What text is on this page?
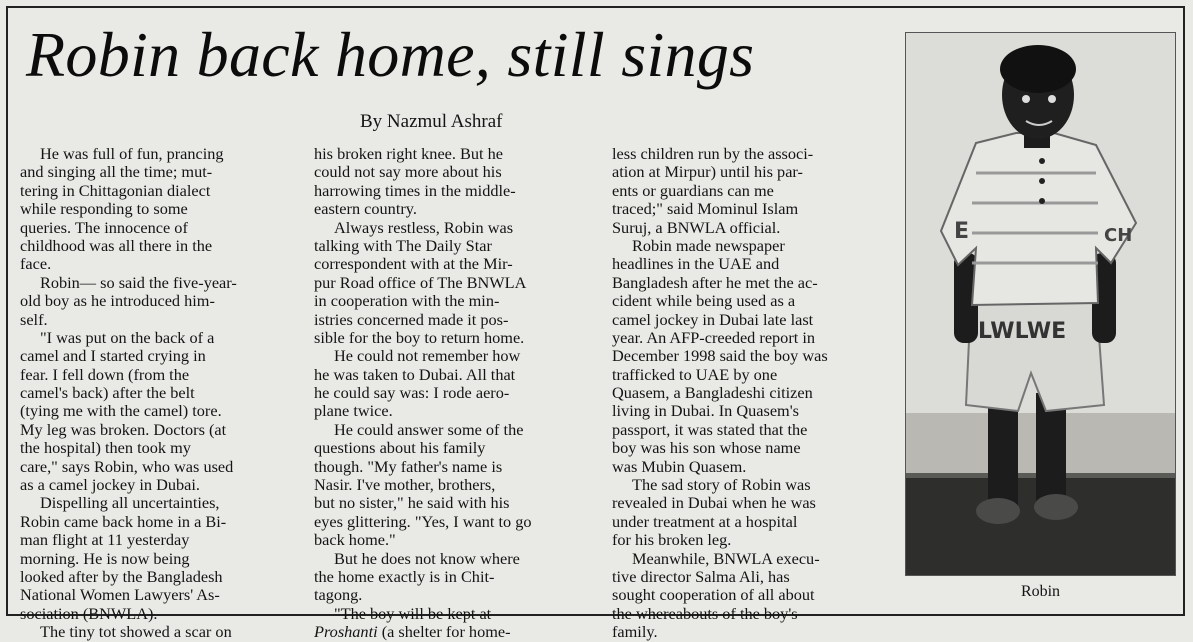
Robin back home, still sings
By Nazmul Ashraf
He was full of fun, prancing
and singing all the time; mut-
tering in Chittagonian dialect
while responding to some
queries. The innocence of
childhood was all there in the
face.
Robin— so said the five-year-
old boy as he introduced him-
self.
"I was put on the back of a
camel and I started crying in
fear. I fell down (from the
camel's back) after the belt
(tying me with the camel) tore.
My leg was broken. Doctors (at
the hospital) then took my
care," says Robin, who was used
as a camel jockey in Dubai.
Dispelling all uncertainties,
Robin came back home in a Bi-
man flight at 11 yesterday
morning. He is now being
looked after by the Bangladesh
National Women Lawyers' As-
sociation (BNWLA).
The tiny tot showed a scar on
his broken right knee. But he
could not say more about his
harrowing times in the middle-
eastern country.
Always restless, Robin was
talking with The Daily Star
correspondent with at the Mir-
pur Road office of The BNWLA
in cooperation with the min-
istries concerned made it pos-
sible for the boy to return home.
He could not remember how
he was taken to Dubai. All that
he could say was: I rode aero-
plane twice.
He could answer some of the
questions about his family
though. "My father's name is
Nasir. I've mother, brothers,
but no sister," he said with his
eyes glittering. "Yes, I want to go
back home."
But he does not know where
the home exactly is in Chit-
tagong.
"The boy will be kept at
Proshanti (a shelter for home-
less children run by the associ-
ation at Mirpur) until his par-
ents or guardians can me
traced;" said Mominul Islam
Suruj, a BNWLA official.
Robin made newspaper
headlines in the UAE and
Bangladesh after he met the ac-
cident while being used as a
camel jockey in Dubai late last
year. An AFP-creeded report in
December 1998 said the boy was
trafficked to UAE by one
Quasem, a Bangladeshi citizen
living in Dubai. In Quasem's
passport, it was stated that the
boy was his son whose name
was Mubin Quasem.
The sad story of Robin was
revealed in Dubai when he was
under treatment at a hospital
for his broken leg.
Meanwhile, BNWLA execu-
tive director Salma Ali, has
sought cooperation of all about
the whereabouts of the boy's
family.
LWLWE
E	CH
Robin
